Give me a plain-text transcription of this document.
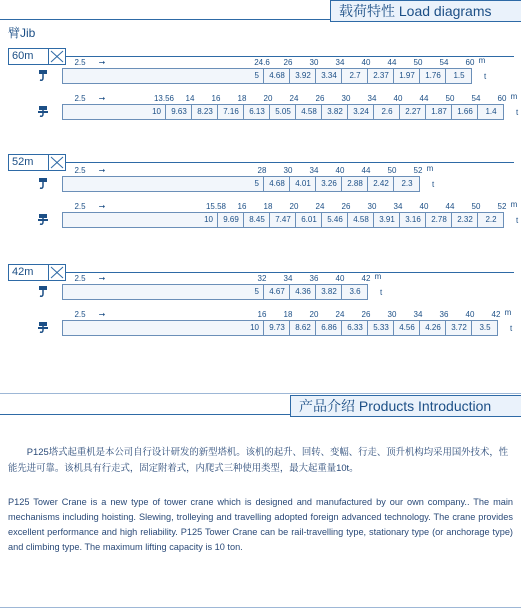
载荷特性 Load diagrams
臂Jib
60m
2.5	➞	24.6	26	30	34	40	44	50	54	60 m
5	4.68	3.92	3.34	2.7	2.37	1.97	1.76	1.5	t
2.5	➞	13.56	14	16	18	20	24	26	30	34	40	44	50	54	60 m
10	9.63	8.23	7.16	6.13	5.05	4.58	3.82	3.24	2.6	2.27	1.87	1.66	1.4	t
52m
2.5	➞	28	30	34	40	44	50	52 m
5	4.68	4.01	3.26	2.88	2.42	2.3	t
2.5	➞	15.58	16	18	20	24	26	30	34	40	44	50	52 m
10	9.69	8.45	7.47	6.01	5.46	4.58	3.91	3.16	2.78	2.32	2.2	t
42m
2.5	➞	32	34	36	40	42 m
5	4.67	4.36	3.82	3.6	t
2.5	➞	16	18	20	24	26	30	34	36	40	42 m
10	9.73	8.62	6.86	6.33	5.33	4.56	4.26	3.72	3.5	t
产品介绍 Products Introduction
P125塔式起重机是本公司自行设计研发的新型塔机。该机的起升、回转、变幅、行走、顶升机构均采用国外技术，性能先进可靠。该机具有行走式，固定附着式，内爬式三种使用类型，最大起重量10t。
P125 Tower Crane is a new type of tower crane which is designed and manufactured by our own company.. The main mechanisms including hoisting. Slewing, trolleying and travelling adopted foreign advanced technology. The crane provides excellent performance and high reliability. P125 Tower Crane can be rail-travelling type, stationary type (or anchorage type) and climbing type. The maximum lifting capacity is 10 ton.
